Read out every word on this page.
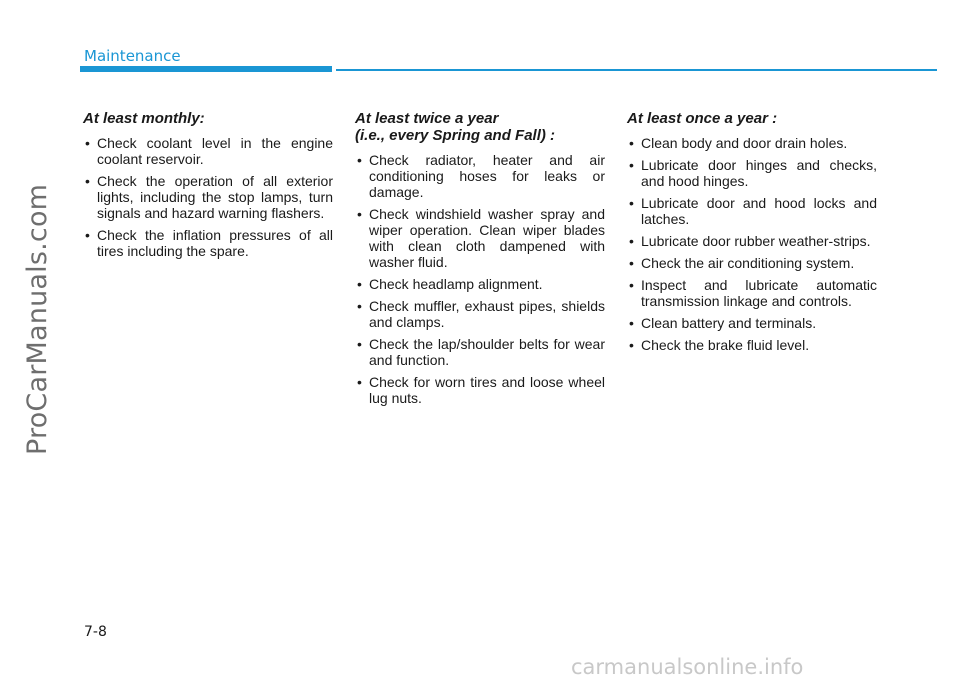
ProCarManuals.com
Maintenance
At least monthly:
• Check coolant level in the engine coolant reservoir.
• Check the operation of all exterior lights, including the stop lamps, turn signals and hazard warning flashers.
• Check the inflation pressures of all tires including the spare.
At least twice a year
(i.e., every Spring and Fall) :
• Check radiator, heater and air conditioning hoses for leaks or damage.
• Check windshield washer spray and wiper operation. Clean wiper blades with clean cloth dampened with washer fluid.
• Check headlamp alignment.
• Check muffler, exhaust pipes, shields and clamps.
• Check the lap/shoulder belts for wear and function.
• Check for worn tires and loose wheel lug nuts.
At least once a year :
• Clean body and door drain holes.
• Lubricate door hinges and checks, and hood hinges.
• Lubricate door and hood locks and latches.
• Lubricate door rubber weather-strips.
• Check the air conditioning system.
• Inspect and lubricate automatic transmission linkage and controls.
• Clean battery and terminals.
• Check the brake fluid level.
7-8
carmanualsonline.info
